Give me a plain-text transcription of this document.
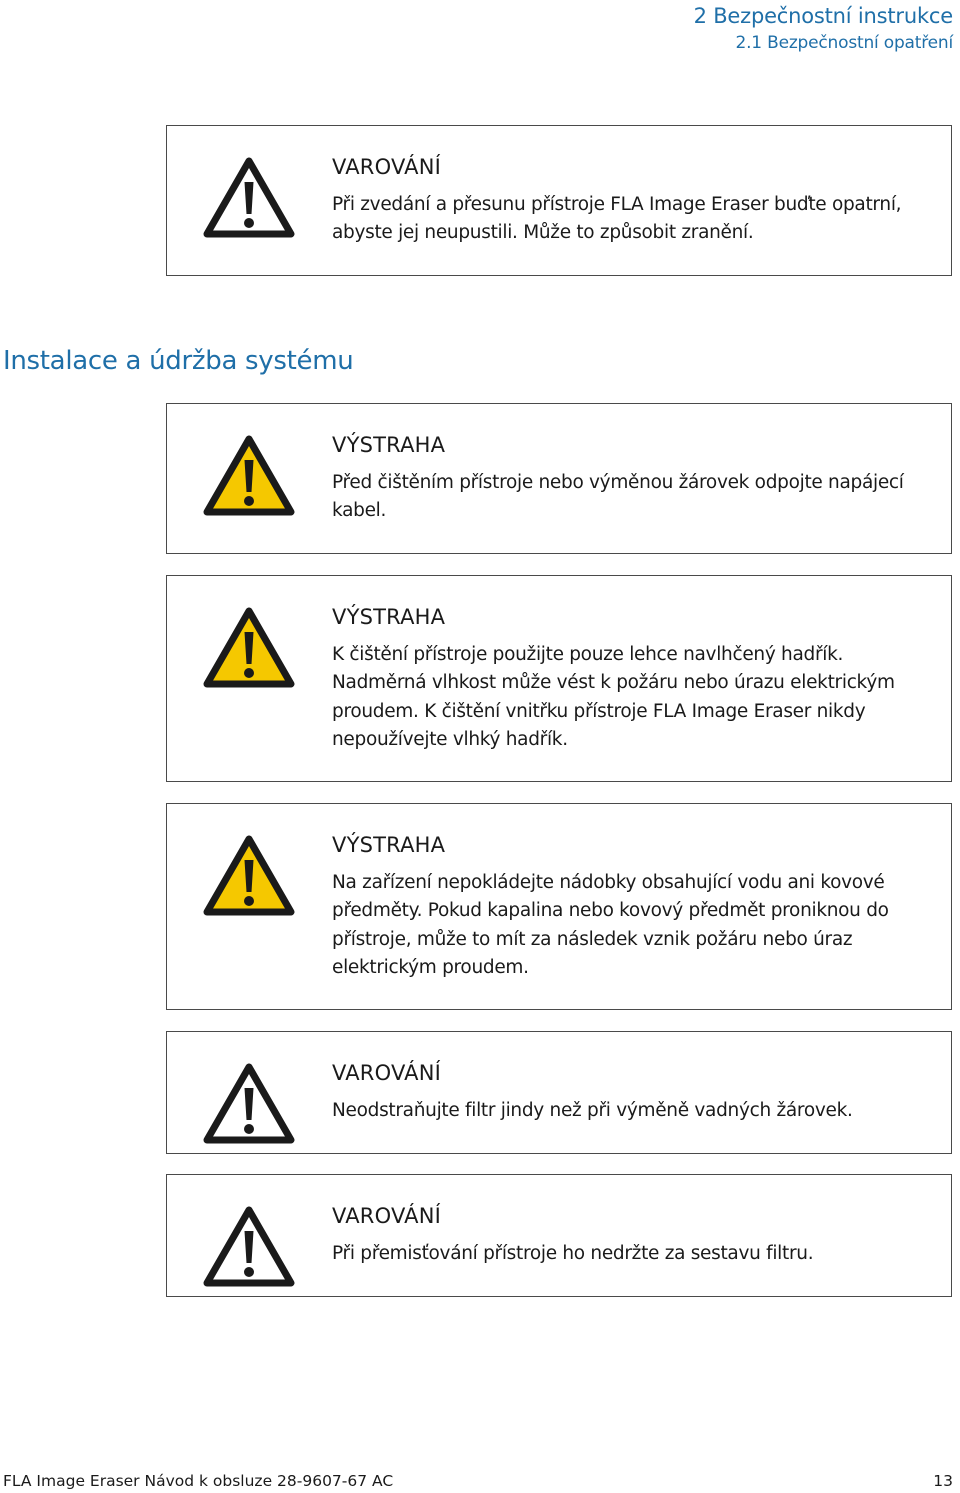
2 Bezpečnostní instrukce
2.1 Bezpečnostní opatření
VAROVÁNÍ
Při zvedání a přesunu přístroje FLA Image Eraser buďte opatrní, abyste jej neupustili. Může to způsobit zranění.
Instalace a údržba systému
VÝSTRAHA
Před čištěním přístroje nebo výměnou žárovek odpojte napájecí kabel.
VÝSTRAHA
K čištění přístroje použijte pouze lehce navlhčený hadřík. Nadměrná vlhkost může vést k požáru nebo úrazu elektrickým proudem. K čištění vnitřku přístroje FLA Image Eraser nikdy nepoužívejte vlhký hadřík.
VÝSTRAHA
Na zařízení nepokládejte nádobky obsahující vodu ani kovové předměty. Pokud kapalina nebo kovový předmět proniknou do přístroje, může to mít za následek vznik požáru nebo úraz elektrickým proudem.
VAROVÁNÍ
Neodstraňujte filtr jindy než při výměně vadných žárovek.
VAROVÁNÍ
Při přemisťování přístroje ho nedržte za sestavu filtru.
FLA Image Eraser Návod k obsluze 28-9607-67 AC	13
